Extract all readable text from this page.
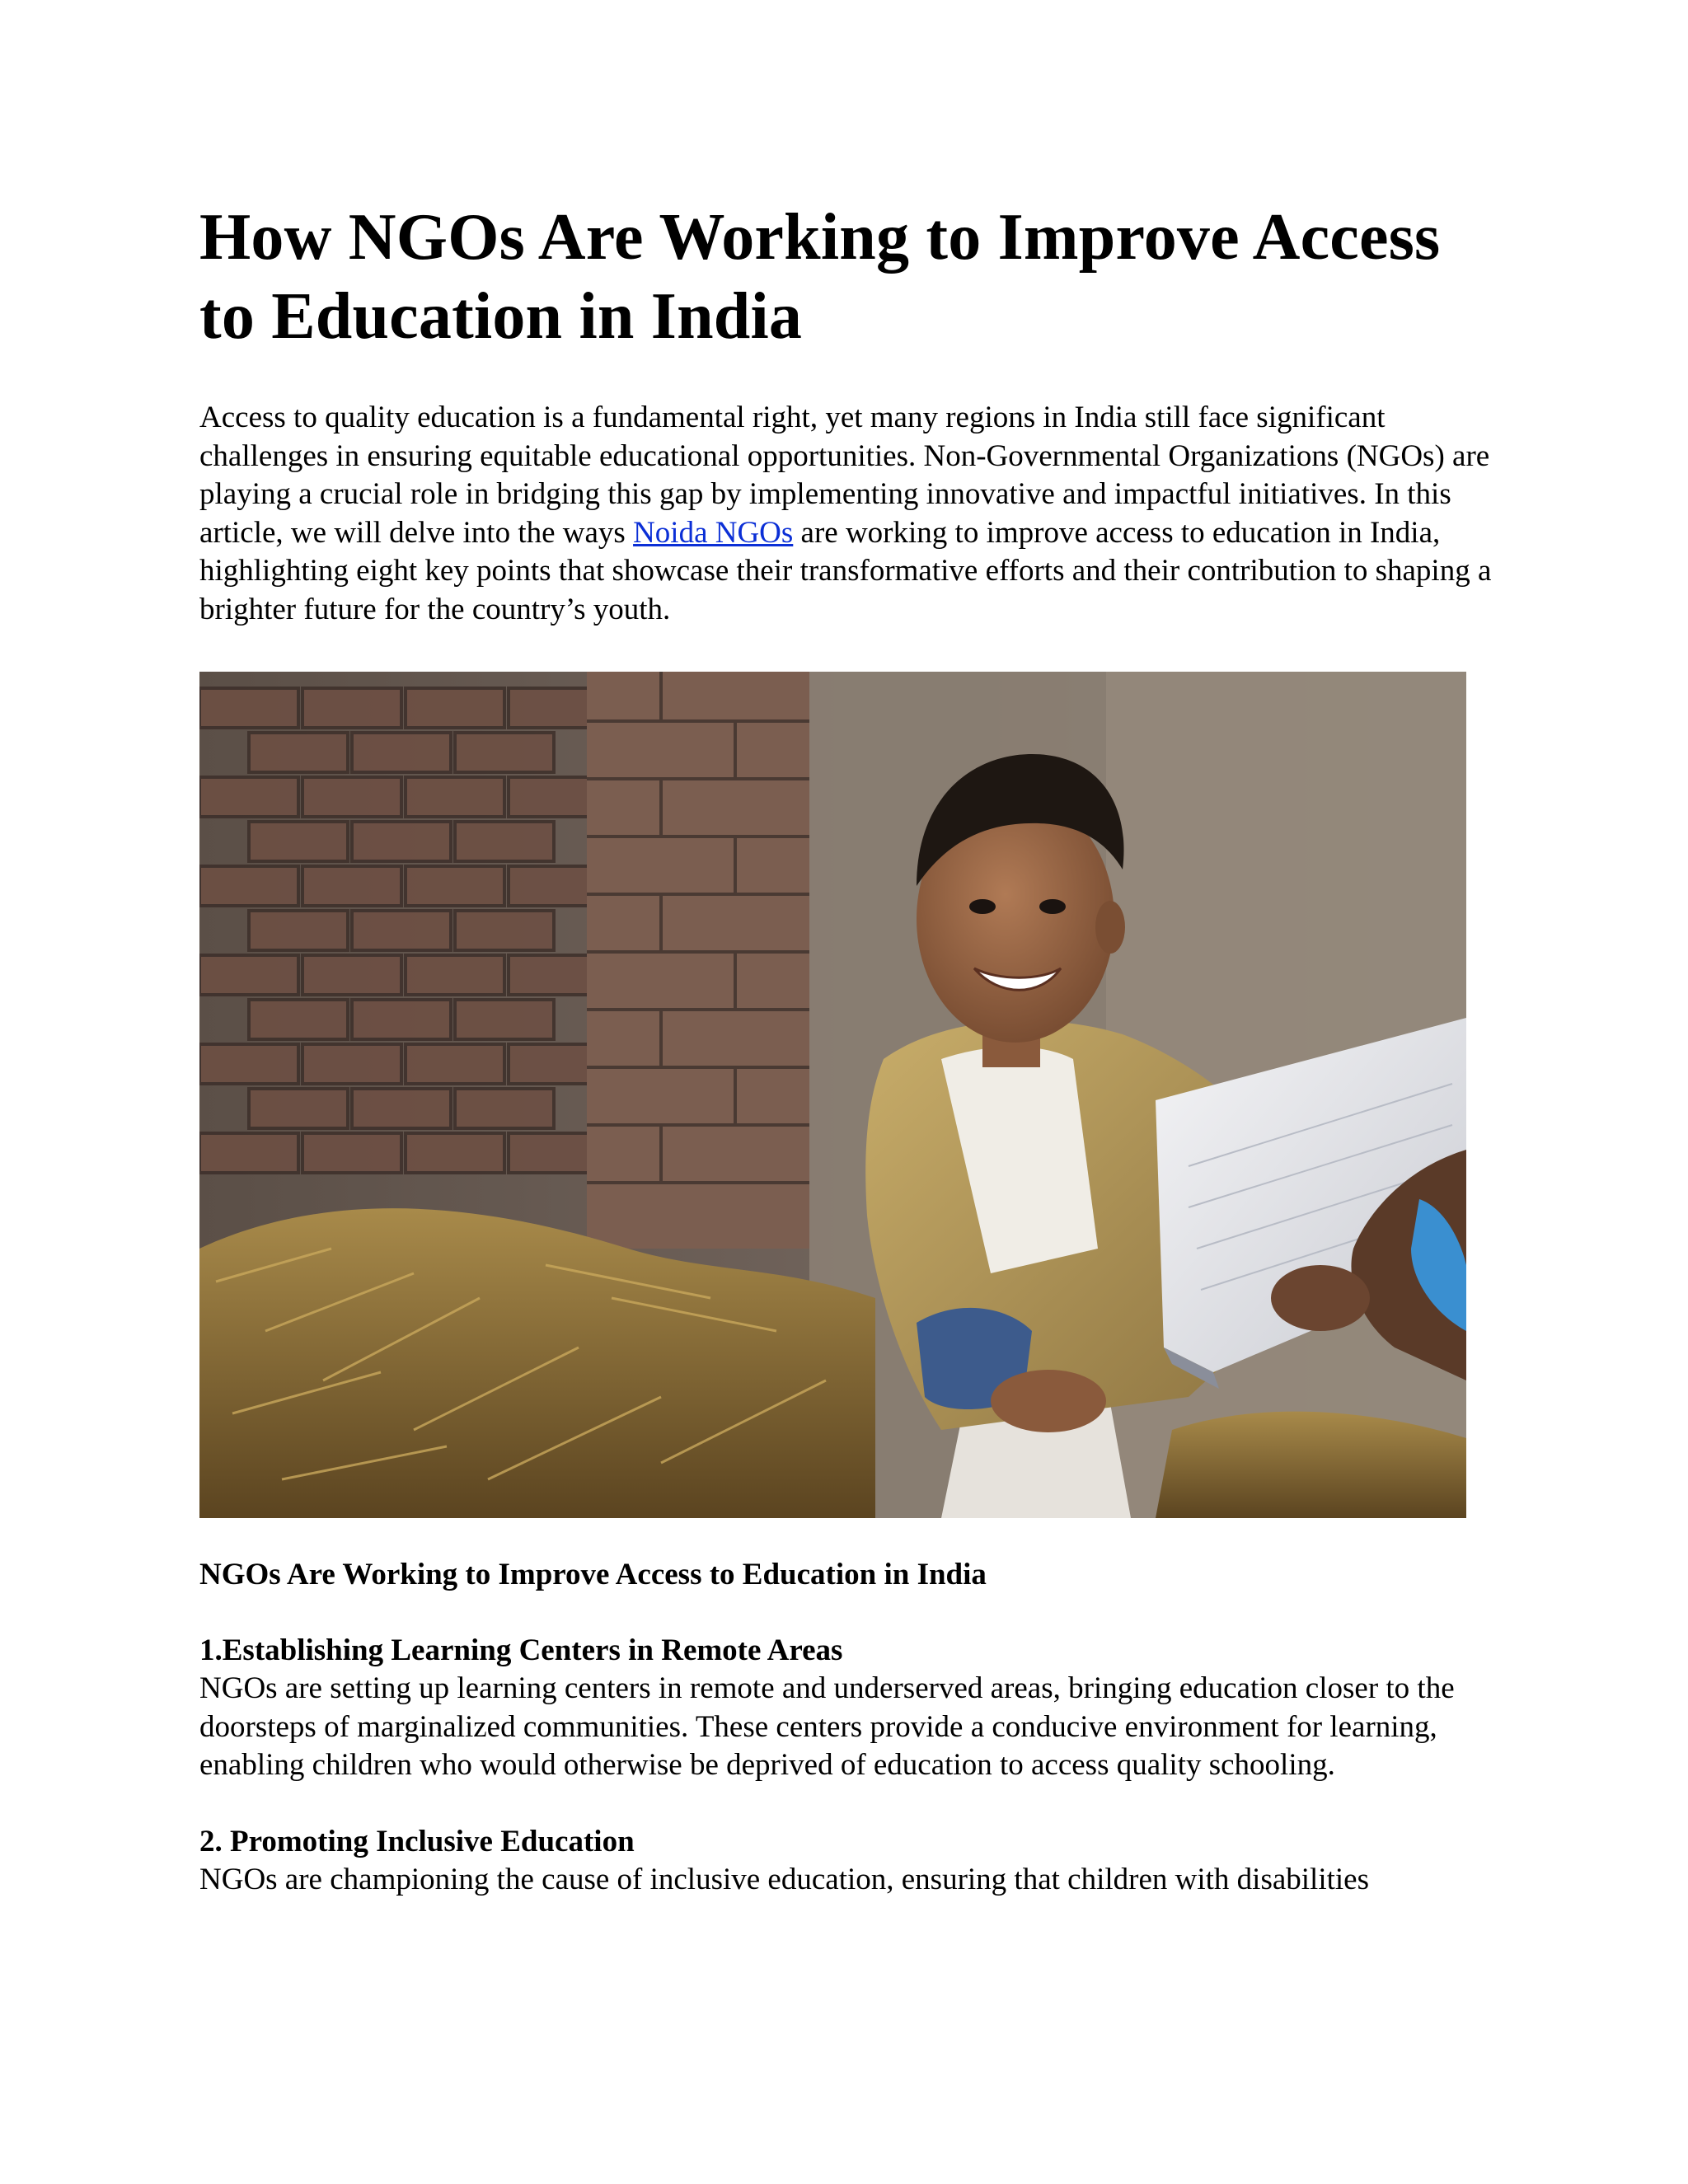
How NGOs Are Working to Improve Access to Education in India

Access to quality education is a fundamental right, yet many regions in India still face significant challenges in ensuring equitable educational opportunities. Non-Governmental Organizations (NGOs) are playing a crucial role in bridging this gap by implementing innovative and impactful initiatives. In this article, we will delve into the ways Noida NGOs are working to improve access to education in India, highlighting eight key points that showcase their transformative efforts and their contribution to shaping a brighter future for the country’s youth.

NGOs Are Working to Improve Access to Education in India
1.Establishing Learning Centers in Remote Areas
NGOs are setting up learning centers in remote and underserved areas, bringing education closer to the doorsteps of marginalized communities. These centers provide a conducive environment for learning, enabling children who would otherwise be deprived of education to access quality schooling.
2. Promoting Inclusive Education
NGOs are championing the cause of inclusive education, ensuring that children with disabilities
